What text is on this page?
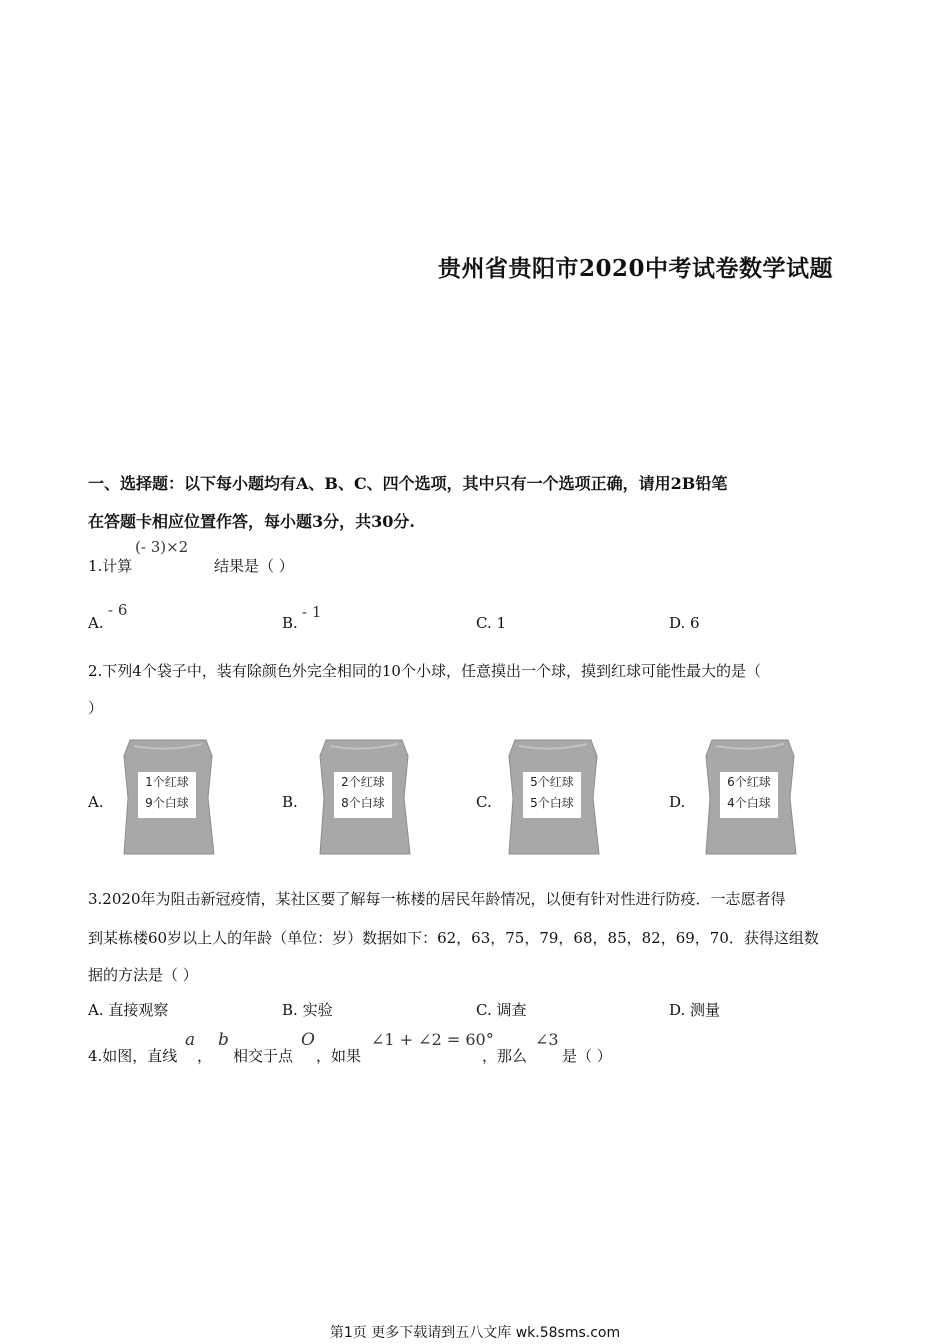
贵州省贵阳市2020中考试卷数学试题
一、选择题：以下每小题均有A、B、C、四个选项，其中只有一个选项正确，请用2B铅笔
在答题卡相应位置作答，每小题3分，共30分.
1.计算
(- 3)×2
结果是（ ）
A.
- 6
B.
- 1
C. 1	D. 6
2.下列4个袋子中，装有除颜色外完全相同的10个小球，任意摸出一个球，摸到红球可能性最大的是（
）
A.
1个红球
9个白球	B.
2个红球
8个白球	C.
5个红球
5个白球	D.
6个红球
4个白球
3.2020年为阻击新冠疫情，某社区要了解每一栋楼的居民年龄情况，以便有针对性进行防疫．一志愿者得
到某栋楼60岁以上人的年龄（单位：岁）数据如下：62，63，75，79，68，85，82，69，70．获得这组数
据的方法是（ ）
A. 直接观察	B. 实验	C. 调查	D. 测量
4.如图，直线
a
，
b
相交于点
O
，如果
∠1 + ∠2 = 60°
，那么
∠3
是（ ）
第1页 更多下载请到五八文库 wk.58sms.com
